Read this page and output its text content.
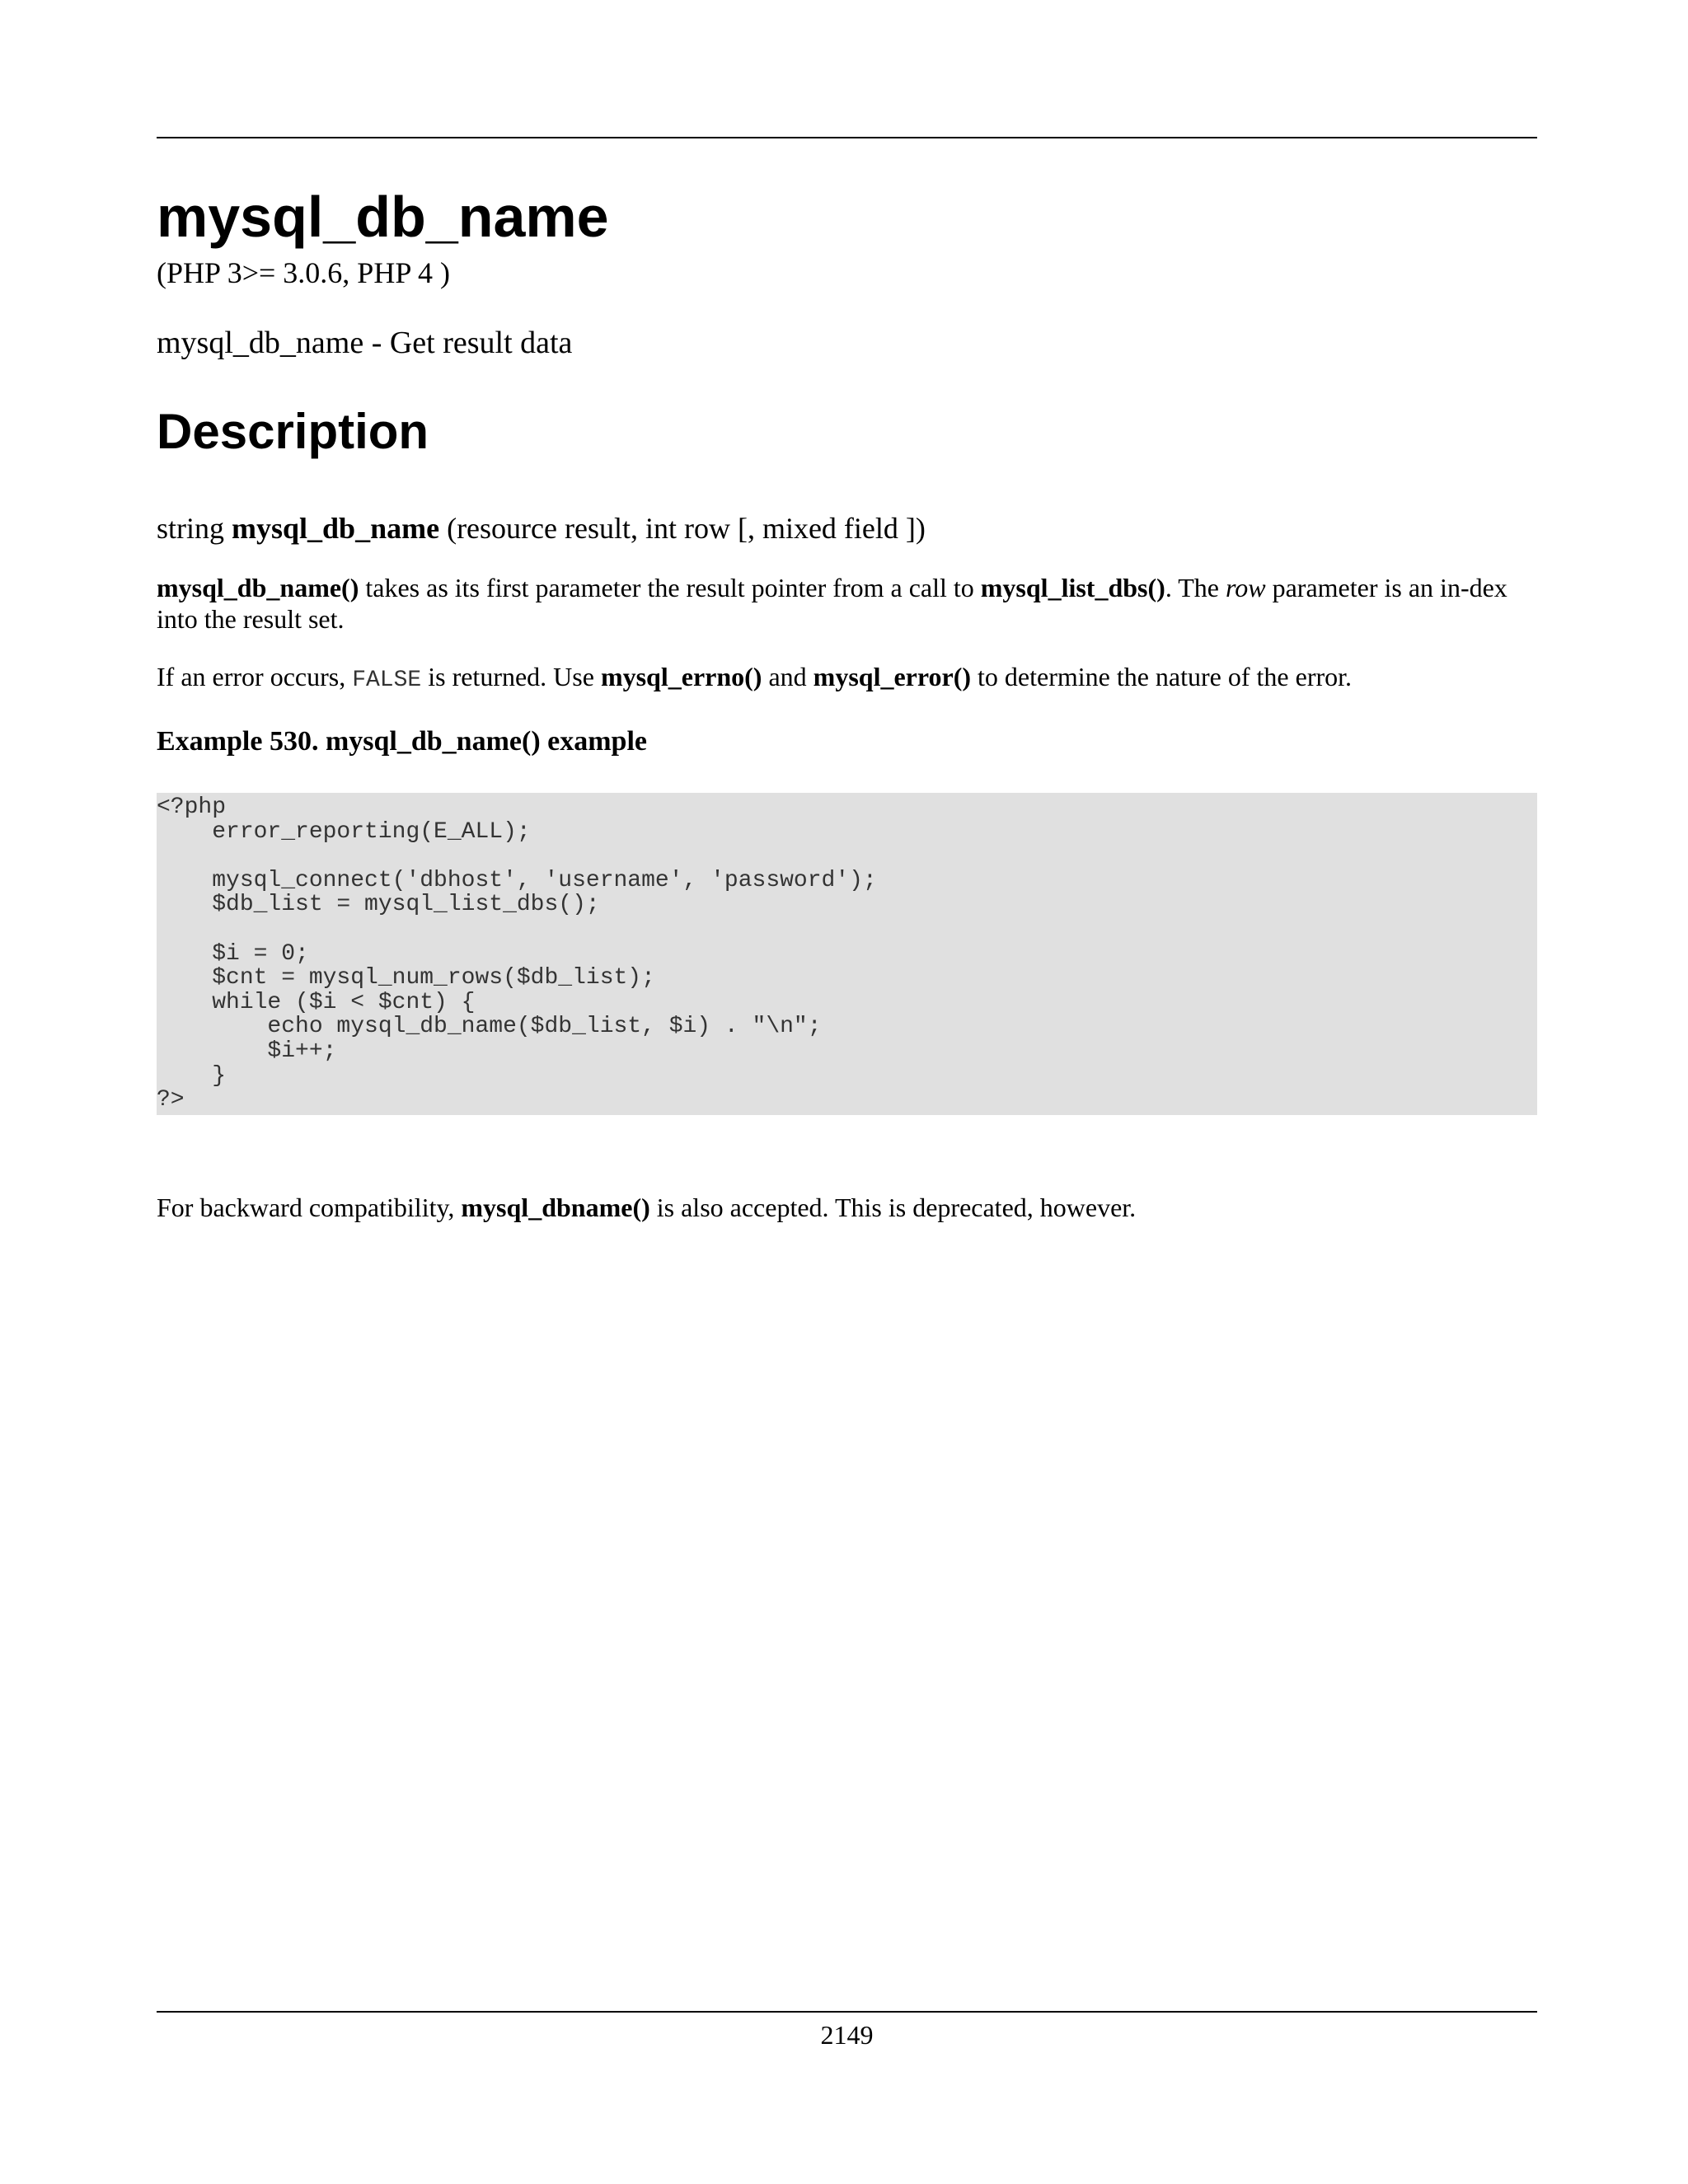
mysql_db_name
(PHP 3>= 3.0.6, PHP 4 )
mysql_db_name - Get result data
Description
string mysql_db_name (resource result, int row [, mixed field ])
mysql_db_name() takes as its first parameter the result pointer from a call to mysql_list_dbs(). The row parameter is an in-dex into the result set.
If an error occurs, FALSE is returned. Use mysql_errno() and mysql_error() to determine the nature of the error.
Example 530. mysql_db_name() example
<?php
error_reporting(E_ALL);
mysql_connect('dbhost', 'username', 'password');
$db_list = mysql_list_dbs();
$i = 0;
$cnt = mysql_num_rows($db_list);
while ($i < $cnt) {
echo mysql_db_name($db_list, $i) . "\n";
$i++;
}
?>
For backward compatibility, mysql_dbname() is also accepted. This is deprecated, however.
2149
